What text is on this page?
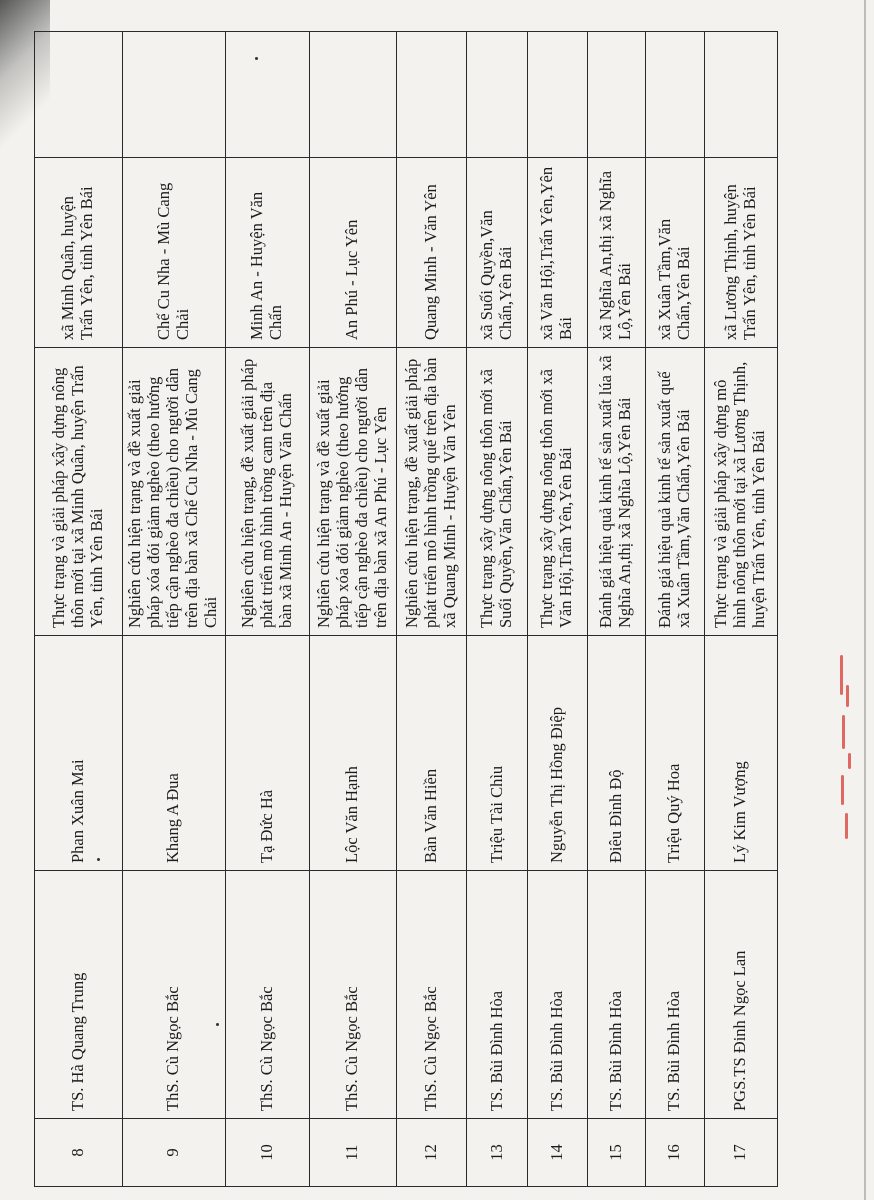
8	TS. Hà Quang Trung	Phan Xuân Mai	Thực trạng và giải pháp xây dựng nông thôn mới tại xã Minh Quân, huyện Trấn Yên, tỉnh Yên Bái	xã Minh Quân, huyện Trấn Yên, tỉnh Yên Bái	
9	ThS. Cù Ngọc Bắc	Khang A Đua	Nghiên cứu hiện trạng và đề xuất giải pháp xóa đói giảm nghèo (theo hướng tiếp cận nghèo đa chiều) cho người dân trên địa bàn xã Chế Cu Nha - Mù Cang Chải	Chế Cu Nha - Mù Cang Chải	
10	ThS. Cù Ngọc Bắc	Tạ Đức Hà	Nghiên cứu hiện trạng, đề xuất giải pháp phát triển mô hình trồng cam trên địa bàn xã Minh An - Huyện Văn Chấn	Minh An - Huyện Văn Chấn	
11	ThS. Cù Ngọc Bắc	Lộc Văn Hạnh	Nghiên cứu hiện trạng và đề xuất giải pháp xóa đói giảm nghèo (theo hướng tiếp cận nghèo đa chiều) cho người dân trên địa bàn xã An Phú - Lục Yên	An Phú - Lục Yên	
12	ThS. Cù Ngọc Bắc	Bàn Văn Hiền	Nghiên cứu hiện trạng, đề xuất giải pháp phát triển mô hình trồng quế trên địa bàn xã Quang Minh - Huyện Văn Yên	Quang Minh - Văn Yên	
13	TS. Bùi Đình Hòa	Triệu Tài Chìu	Thực trạng xây dựng nông thôn mới xã Suối Quyền,Văn Chấn,Yên Bái	xã Suối Quyền,Văn Chấn,Yên Bái	
14	TS. Bùi Đình Hòa	Nguyễn Thị Hồng Điệp	Thực trạng xây dựng nông thôn mới xã Văn Hội,Trấn Yên,Yên Bái	xã Văn Hội,Trấn Yên,Yên Bái	
15	TS. Bùi Đình Hòa	Điêu Đình Độ	Đánh giá hiệu quả kinh tế sản xuất lúa xã Nghĩa An,thị xã Nghĩa Lộ,Yên Bái	xã Nghĩa An,thị xã Nghĩa Lộ,Yên Bái	
16	TS. Bùi Đình Hòa	Triệu Quý Hoa	Đánh giá hiệu quả kinh tế sản xuất quế xã Xuân Tầm,Văn Chấn,Yên Bái	xã Xuân Tầm,Văn Chấn,Yên Bái	
17	PGS.TS Đinh Ngọc Lan	Lý Kim Vượng	Thực trạng và giải pháp xây dựng mô hình nông thôn mới tại xã Lương Thịnh, huyện Trấn Yên, tỉnh Yên Bái	xã Lương Thịnh, huyện Trấn Yên, tỉnh Yên Bái	
